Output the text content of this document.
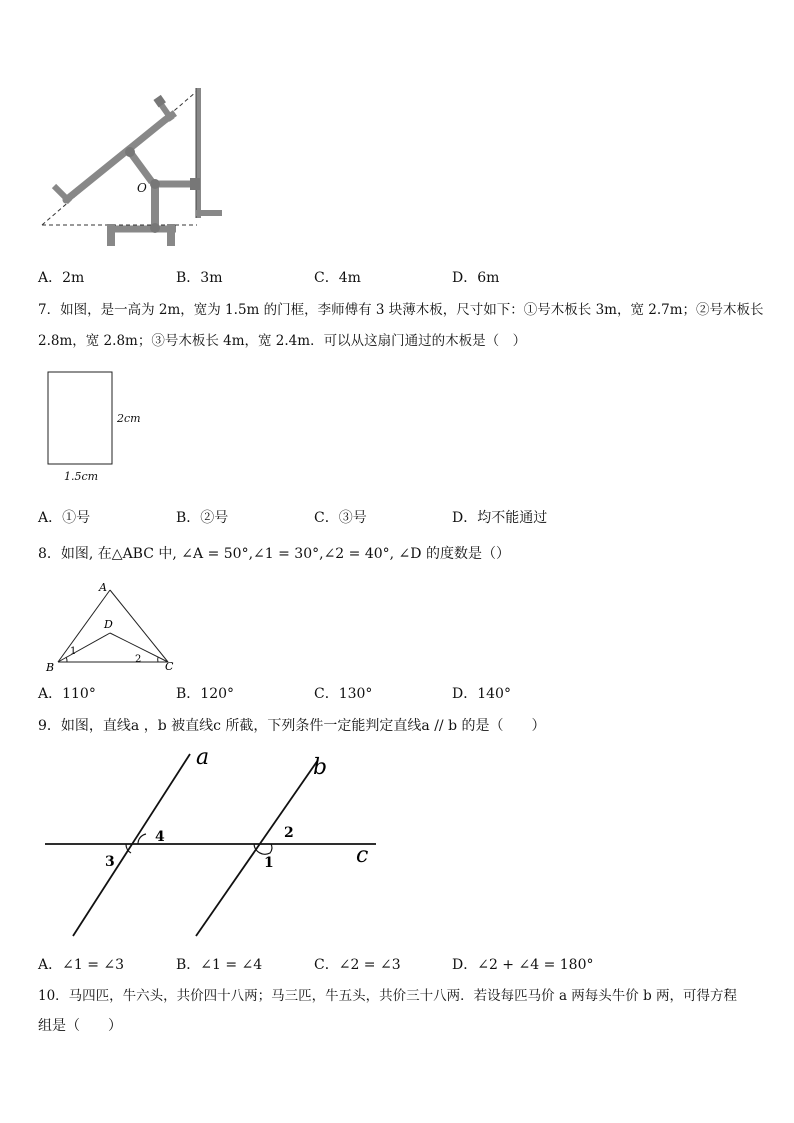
O
A．2m	B．3m	C．4m	D．6m
7．如图，是一高为 2m，宽为 1.5m 的门框，李师傅有 3 块薄木板，尺寸如下：①号木板长 3m，宽 2.7m；②号木板长
2.8m，宽 2.8m；③号木板长 4m，宽 2.4m．可以从这扇门通过的木板是（　）
2cm
1.5cm
A．①号	B．②号	C．③号	D．均不能通过
8．如图, 在△ABC 中, ∠A = 50°,∠1 = 30°,∠2 = 40°, ∠D 的度数是（）
A
B	C
D
1
2
A．110°	B．120°	C．130°	D．140°
9．如图，直线a ，b 被直线c 所截，下列条件一定能判定直线a // b 的是（　　）
a	b
c
1
2
3
4
A．∠1 = ∠3	B．∠1 = ∠4	C．∠2 = ∠3	D．∠2 + ∠4 = 180°
10．马四匹，牛六头，共价四十八两；马三匹，牛五头，共价三十八两．若设每匹马价 a 两每头牛价 b 两，可得方程
组是（　　）
